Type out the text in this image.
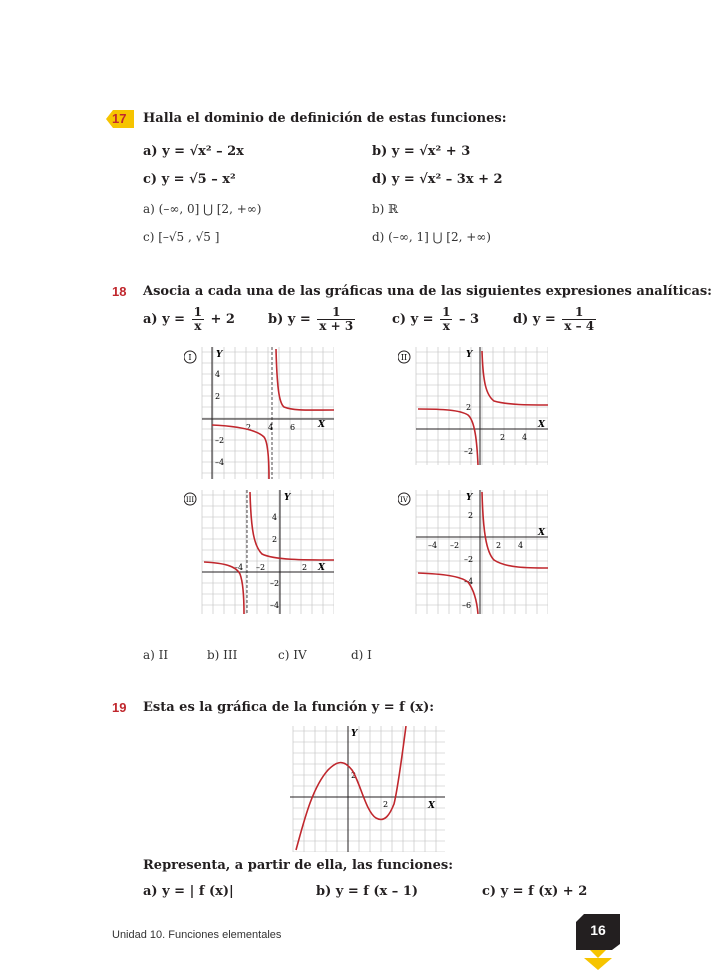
17 Halla el dominio de definición de estas funciones:
a) y = √x² – 2x	b) y = √x² + 3
c) y = √5 – x²	d) y = √x² – 3x + 2
a) (–∞, 0] ⋃ [2, +∞)	b) ℝ
c) [–√5 , √5 ]	d) (–∞, 1] ⋃ [2, +∞)
18 Asocia a cada una de las gráficas una de las siguientes expresiones analíticas:
a) $y = \frac{1}{x} + 2$	b) $y = \frac{1}{x + 3}$	c) $y = \frac{1}{x} - 3$	d) $y = \frac{1}{x - 4}$
I	Y
X
4
2
–2
–4
2 4 6
II	Y
X
2
–2
2 4
III	Y
X
4
2
–2
–4
–4 –2	2
IV	Y
X
2
–2
–4
–6
–4 –2	2 4
a) II	b) III	c) IV	d) I
19 Esta es la gráfica de la función y = f (x):
Y
X
2
2
Representa, a partir de ella, las funciones:
a) y = | f (x)|	b) y = f (x – 1)	c) y = f (x) + 2
Unidad 10. Funciones elementales	16
